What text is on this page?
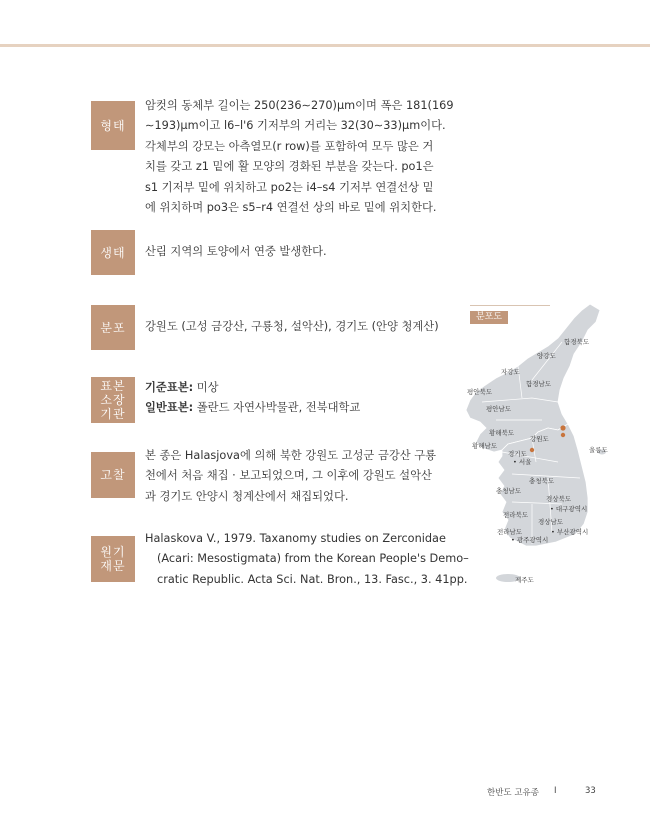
형태
암컷의 동체부 길이는 250(236∼270)μm이며 폭은 181(169
∼193)μm이고 l6–l'6 기저부의 거리는 32(30∼33)μm이다.
각체부의 강모는 아측열모(r row)를 포함하여 모두 많은 거
치를 갖고 z1 밑에 활 모양의 경화된 부분을 갖는다. po1은
s1 기저부 밑에 위치하고 po2는 i4–s4 기저부 연결선상 밑
에 위치하며 po3은 s5–r4 연결선 상의 바로 밑에 위치한다.
생태	산림 지역의 토양에서 연중 발생한다.
분포	강원도 (고성 금강산, 구룡청, 설악산), 경기도 (안양 청계산)
표본
소장
기관
기준표본: 미상
일반표본: 폴란드 자연사박물관, 전북대학교
고찰
본 종은 Halasjova에 의해 북한 강원도 고성군 금강산 구룡
천에서 처음 채집 · 보고되었으며, 그 이후에 강원도 설악산
과 경기도 안양시 청계산에서 채집되었다.
원기
재문
Halaskova V., 1979. Taxanomy studies on Zerconidae
(Acari: Mesostigmata) from the Korean People's Demo–
cratic Republic. Acta Sci. Nat. Bron., 13. Fasc., 3. 41pp.
분포도
함경북도
양강도
자강도
함경남도
평안북도
평안남도
황해북도
황해남도
강원도
경기도
• 서울
울릉도
충청북도
충청남도
경상북도
• 대구광역시
전라북도
경상남도
전라남도	• 부산광역시
• 광주광역시
제주도
한반도 고유종 I	33
